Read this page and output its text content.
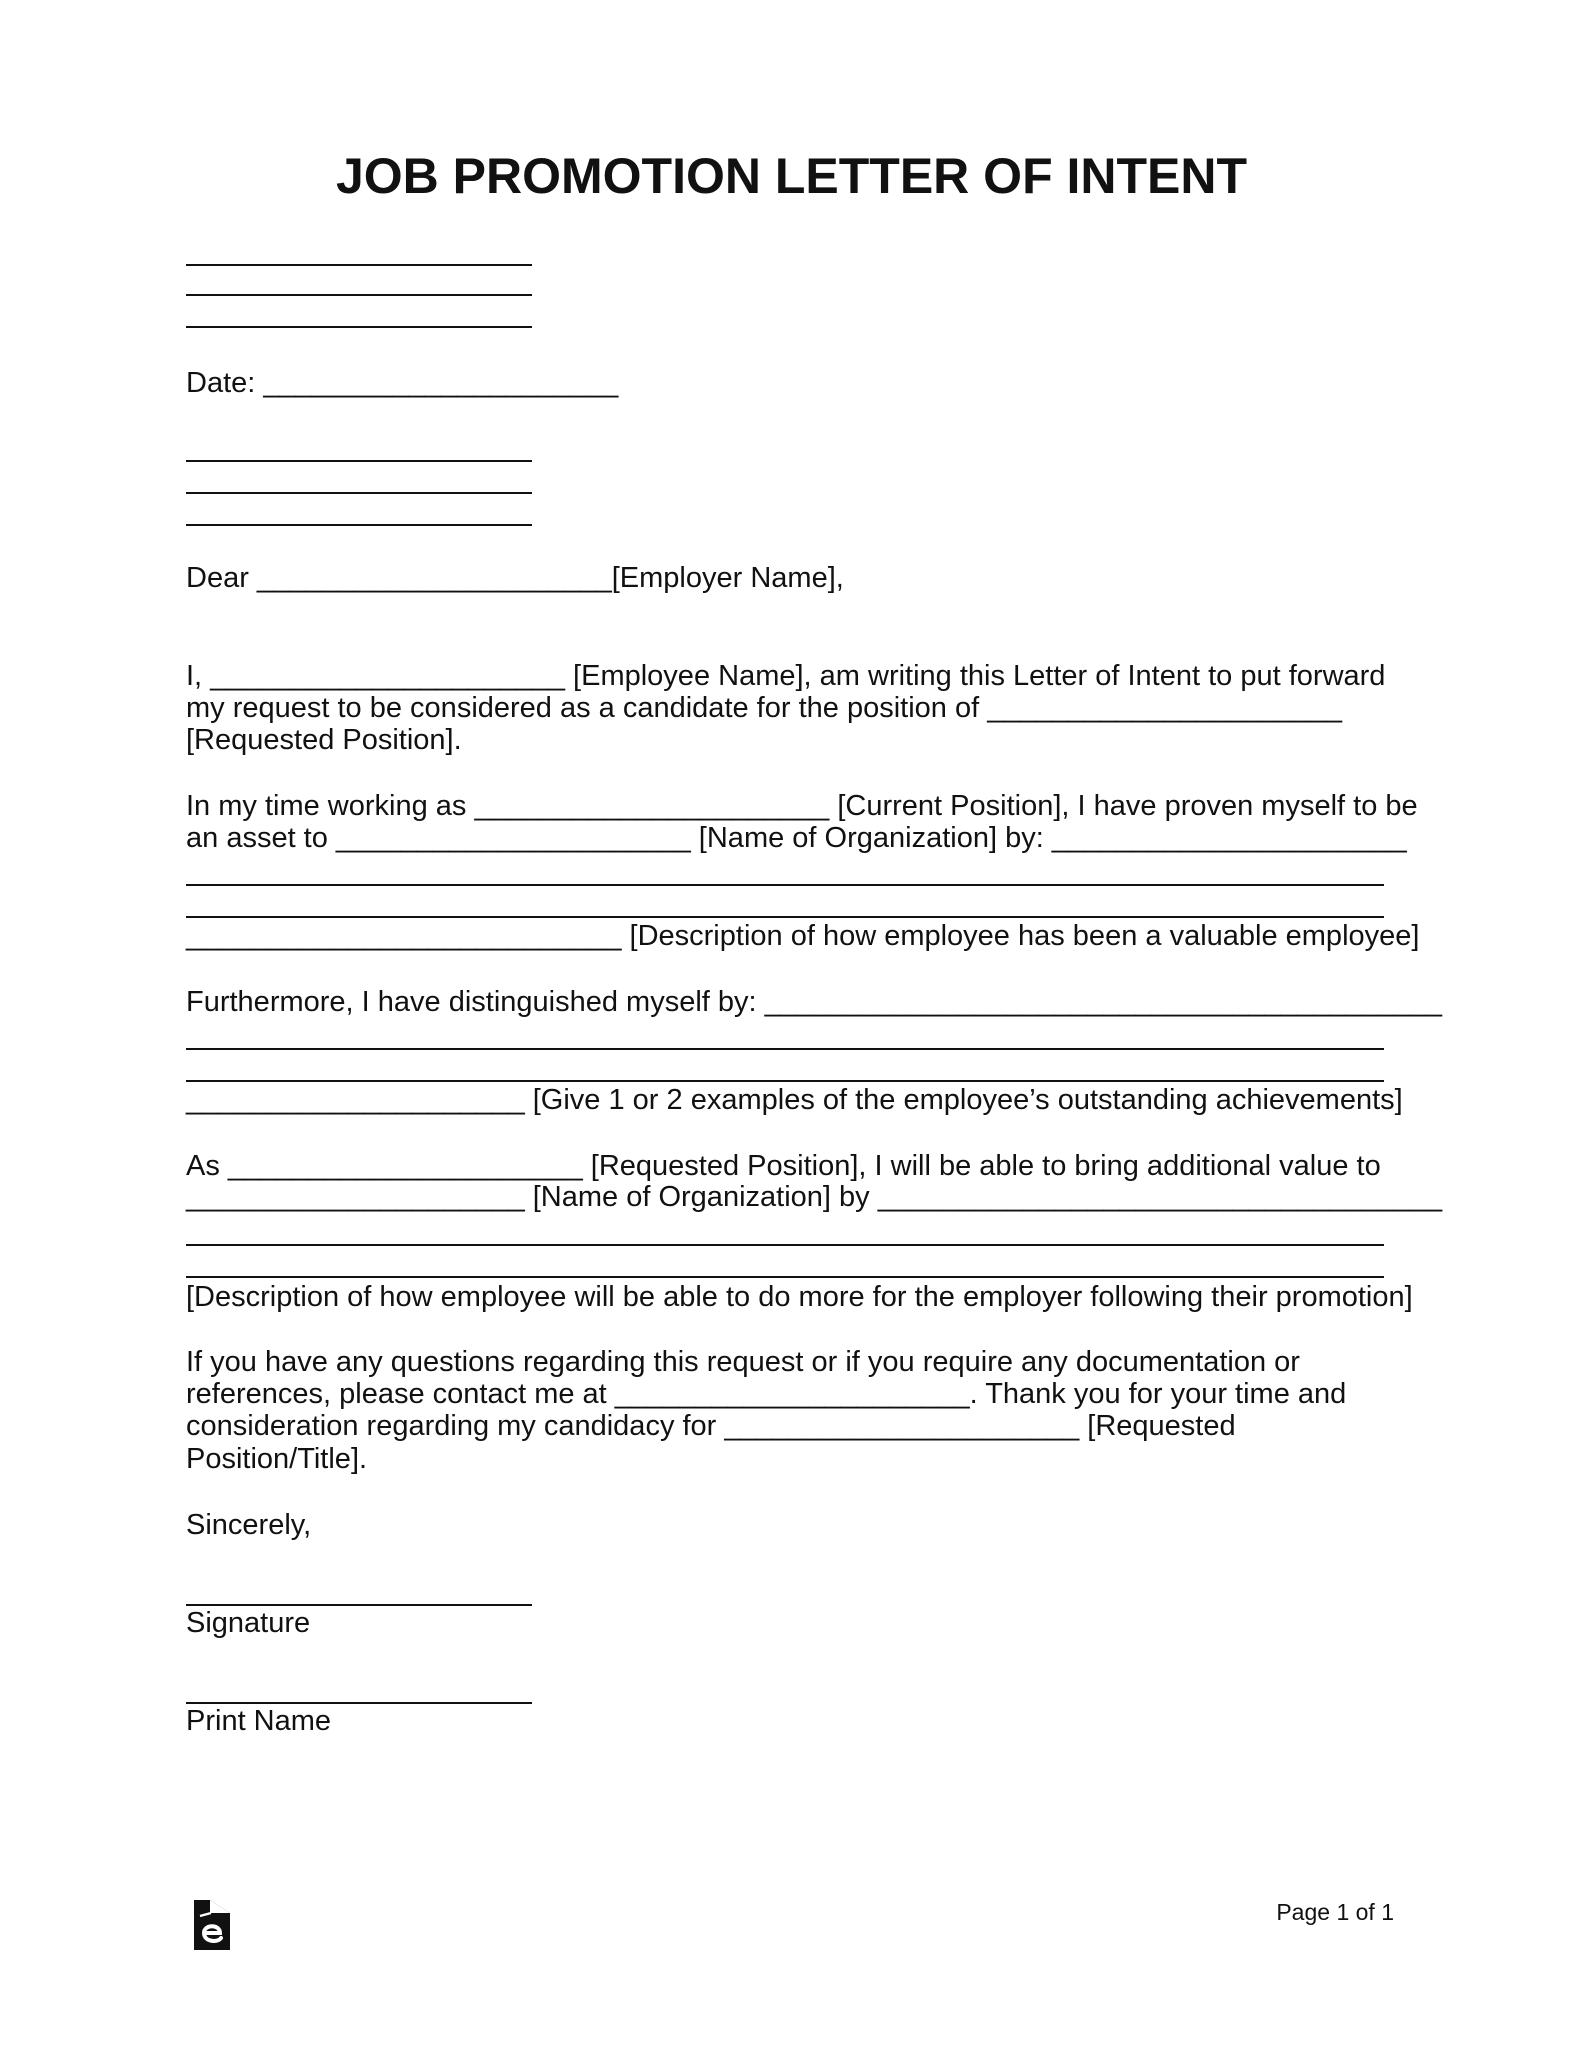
JOB PROMOTION LETTER OF INTENT
Date: ______________________
Dear ______________________[Employer Name],
I, ______________________ [Employee Name], am writing this Letter of Intent to put forward
my request to be considered as a candidate for the position of ______________________
[Requested Position].
In my time working as ______________________ [Current Position], I have proven myself to be
an asset to ______________________ [Name of Organization] by: ______________________
___________________________ [Description of how employee has been a valuable employee]
Furthermore, I have distinguished myself by: __________________________________________
_____________________ [Give 1 or 2 examples of the employee’s outstanding achievements]
As ______________________ [Requested Position], I will be able to bring additional value to
_____________________ [Name of Organization] by ___________________________________
[Description of how employee will be able to do more for the employer following their promotion]
If you have any questions regarding this request or if you require any documentation or
references, please contact me at ______________________. Thank you for your time and
consideration regarding my candidacy for ______________________ [Requested
Position/Title].
Sincerely,
Signature
Print Name
Page 1 of 1
